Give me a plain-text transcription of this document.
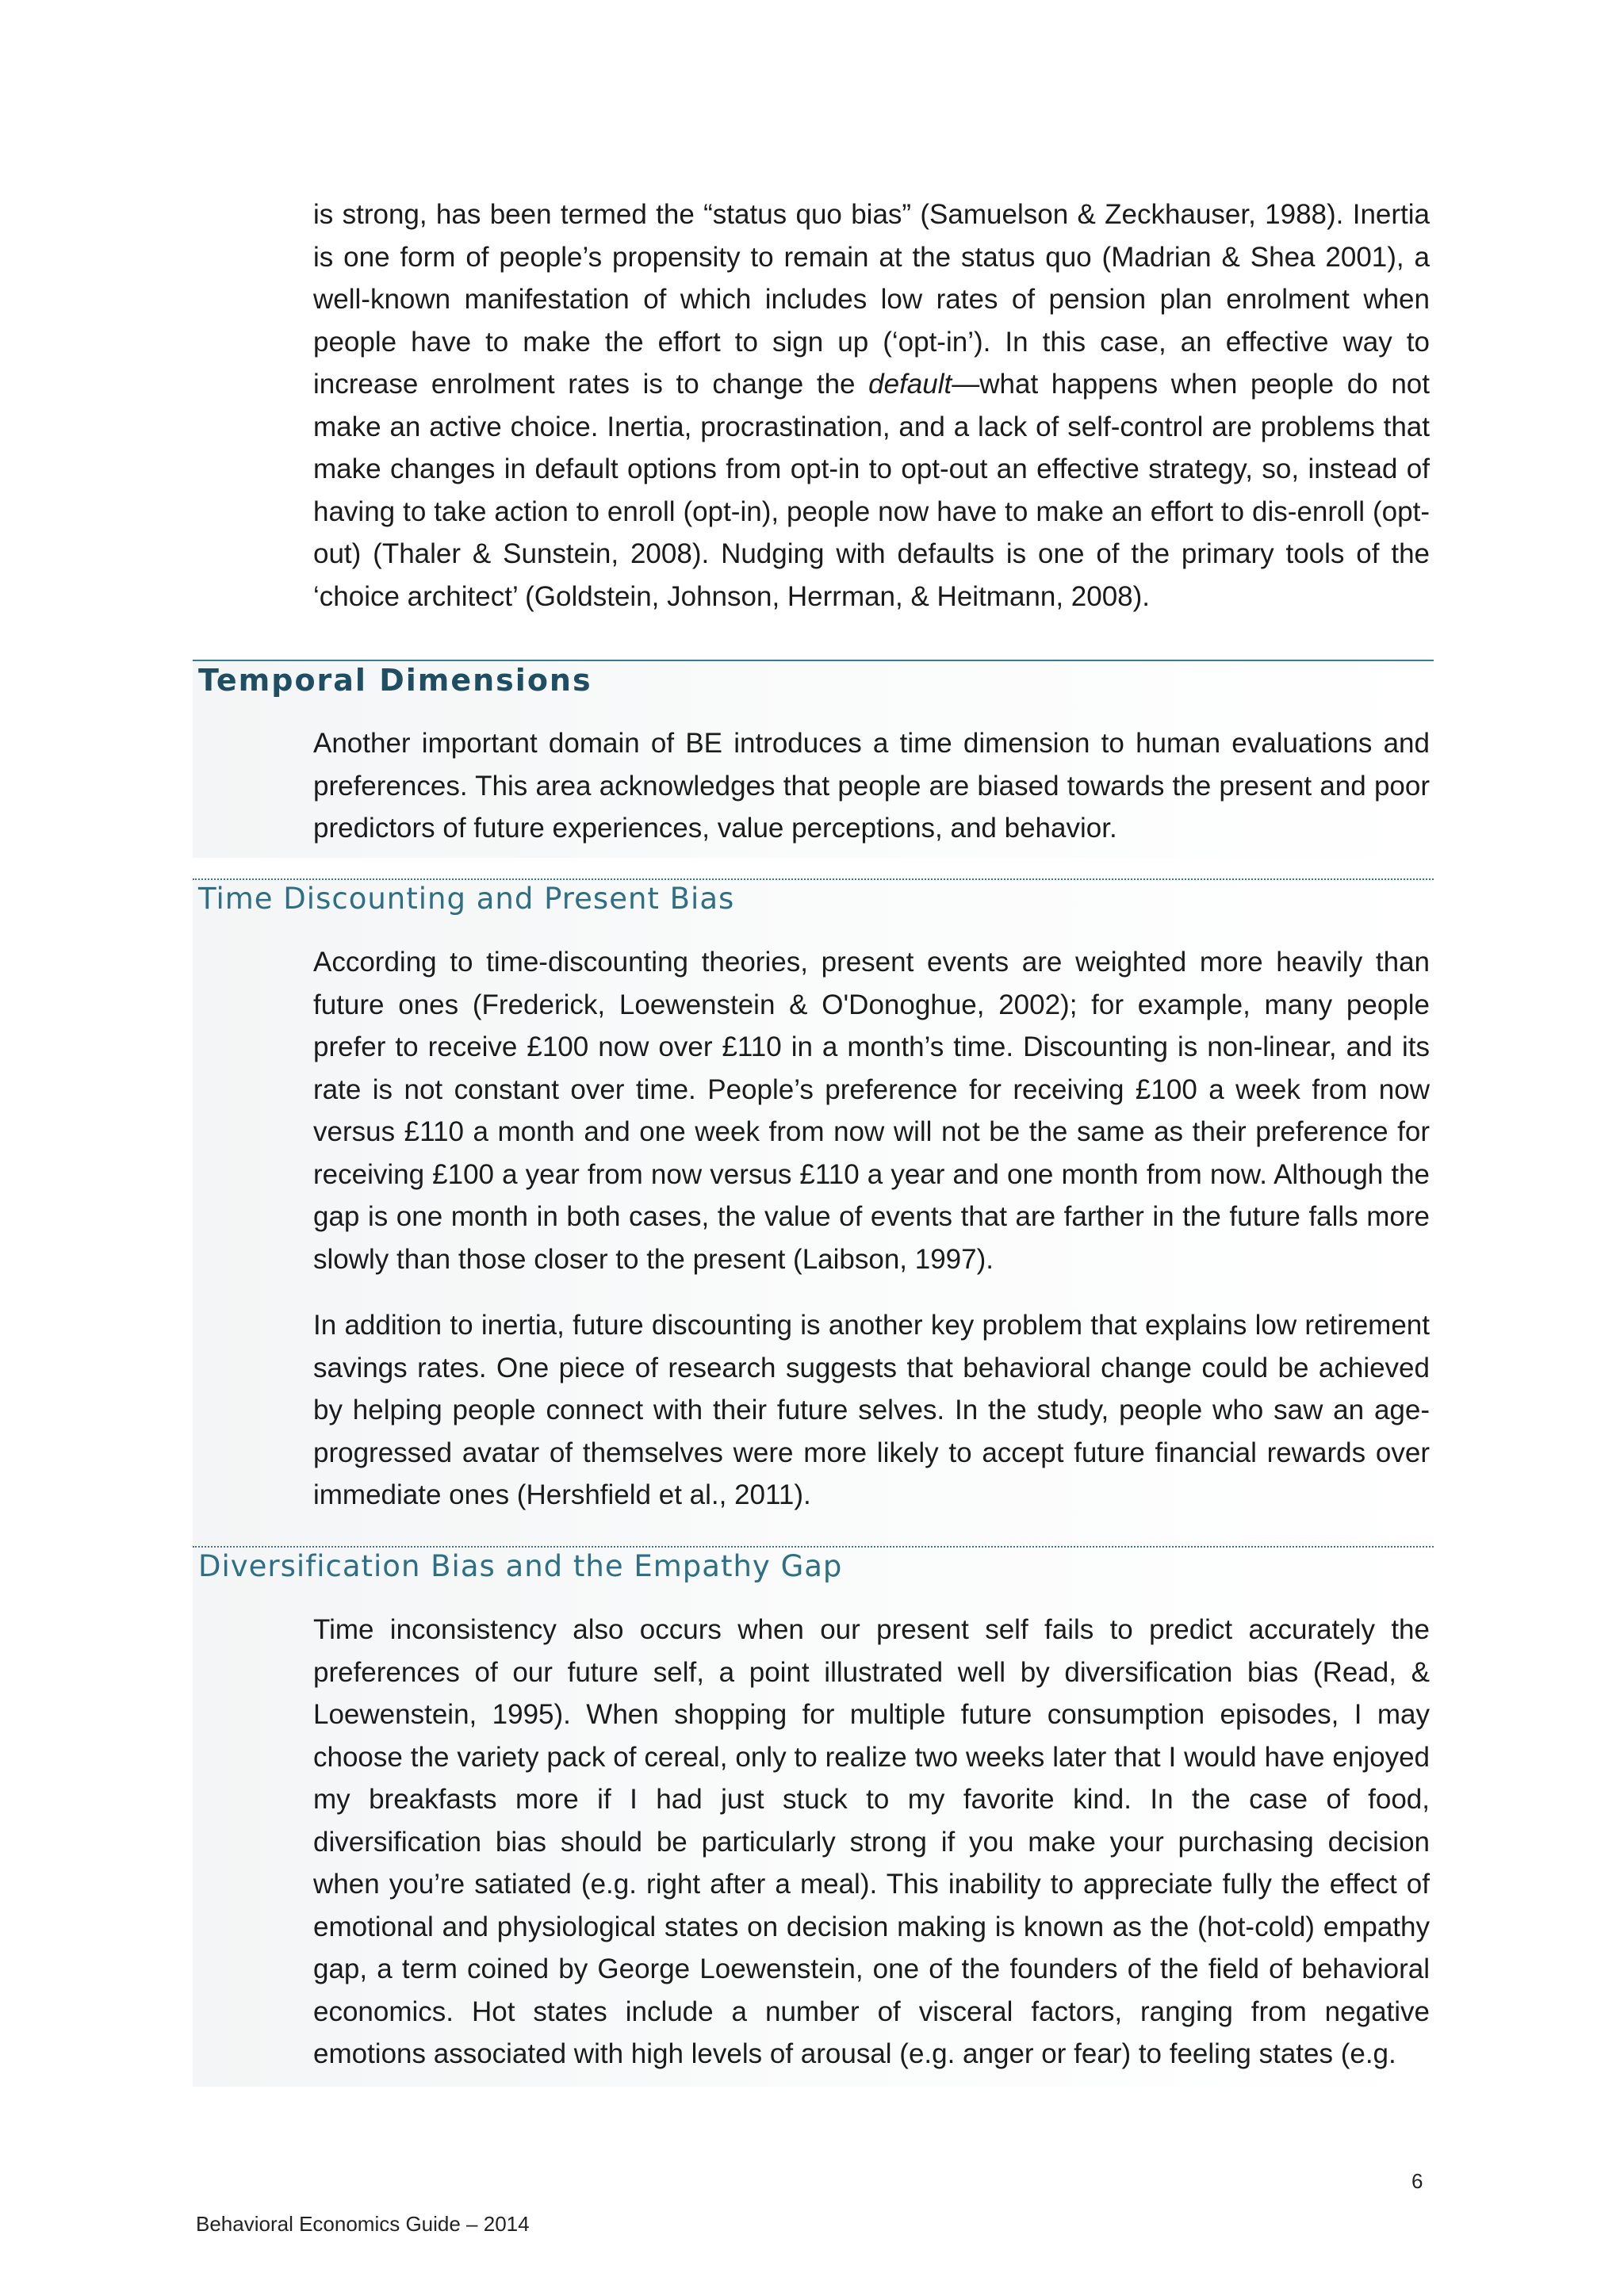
is strong, has been termed the “status quo bias” (Samuelson & Zeckhauser, 1988). Inertia is one form of people’s propensity to remain at the status quo (Madrian & Shea 2001), a well-known manifestation of which includes low rates of pension plan enrolment when people have to make the effort to sign up (‘opt-in’). In this case, an effective way to increase enrolment rates is to change the default—what happens when people do not make an active choice. Inertia, procrastination, and a lack of self-control are problems that make changes in default options from opt-in to opt-out an effective strategy, so, instead of having to take action to enroll (opt-in), people now have to make an effort to dis-enroll (opt-out) (Thaler & Sunstein, 2008). Nudging with defaults is one of the primary tools of the ‘choice architect’ (Goldstein, Johnson, Herrman, & Heitmann, 2008).

Temporal Dimensions

Another important domain of BE introduces a time dimension to human evaluations and preferences. This area acknowledges that people are biased towards the present and poor predictors of future experiences, value perceptions, and behavior.

Time Discounting and Present Bias

According to time-discounting theories, present events are weighted more heavily than future ones (Frederick, Loewenstein & O'Donoghue, 2002); for example, many people prefer to receive £100 now over £110 in a month’s time. Discounting is non-linear, and its rate is not constant over time. People’s preference for receiving £100 a week from now versus £110 a month and one week from now will not be the same as their preference for receiving £100 a year from now versus £110 a year and one month from now. Although the gap is one month in both cases, the value of events that are farther in the future falls more slowly than those closer to the present (Laibson, 1997).

In addition to inertia, future discounting is another key problem that explains low retirement savings rates. One piece of research suggests that behavioral change could be achieved by helping people connect with their future selves. In the study, people who saw an age-progressed avatar of themselves were more likely to accept future financial rewards over immediate ones (Hershfield et al., 2011).

Diversification Bias and the Empathy Gap

Time inconsistency also occurs when our present self fails to predict accurately the preferences of our future self, a point illustrated well by diversification bias (Read, & Loewenstein, 1995). When shopping for multiple future consumption episodes, I may choose the variety pack of cereal, only to realize two weeks later that I would have enjoyed my breakfasts more if I had just stuck to my favorite kind. In the case of food, diversification bias should be particularly strong if you make your purchasing decision when you’re satiated (e.g. right after a meal). This inability to appreciate fully the effect of emotional and physiological states on decision making is known as the (hot-cold) empathy gap, a term coined by George Loewenstein, one of the founders of the field of behavioral economics. Hot states include a number of visceral factors, ranging from negative emotions associated with high levels of arousal (e.g. anger or fear) to feeling states (e.g.

6
Behavioral Economics Guide – 2014
